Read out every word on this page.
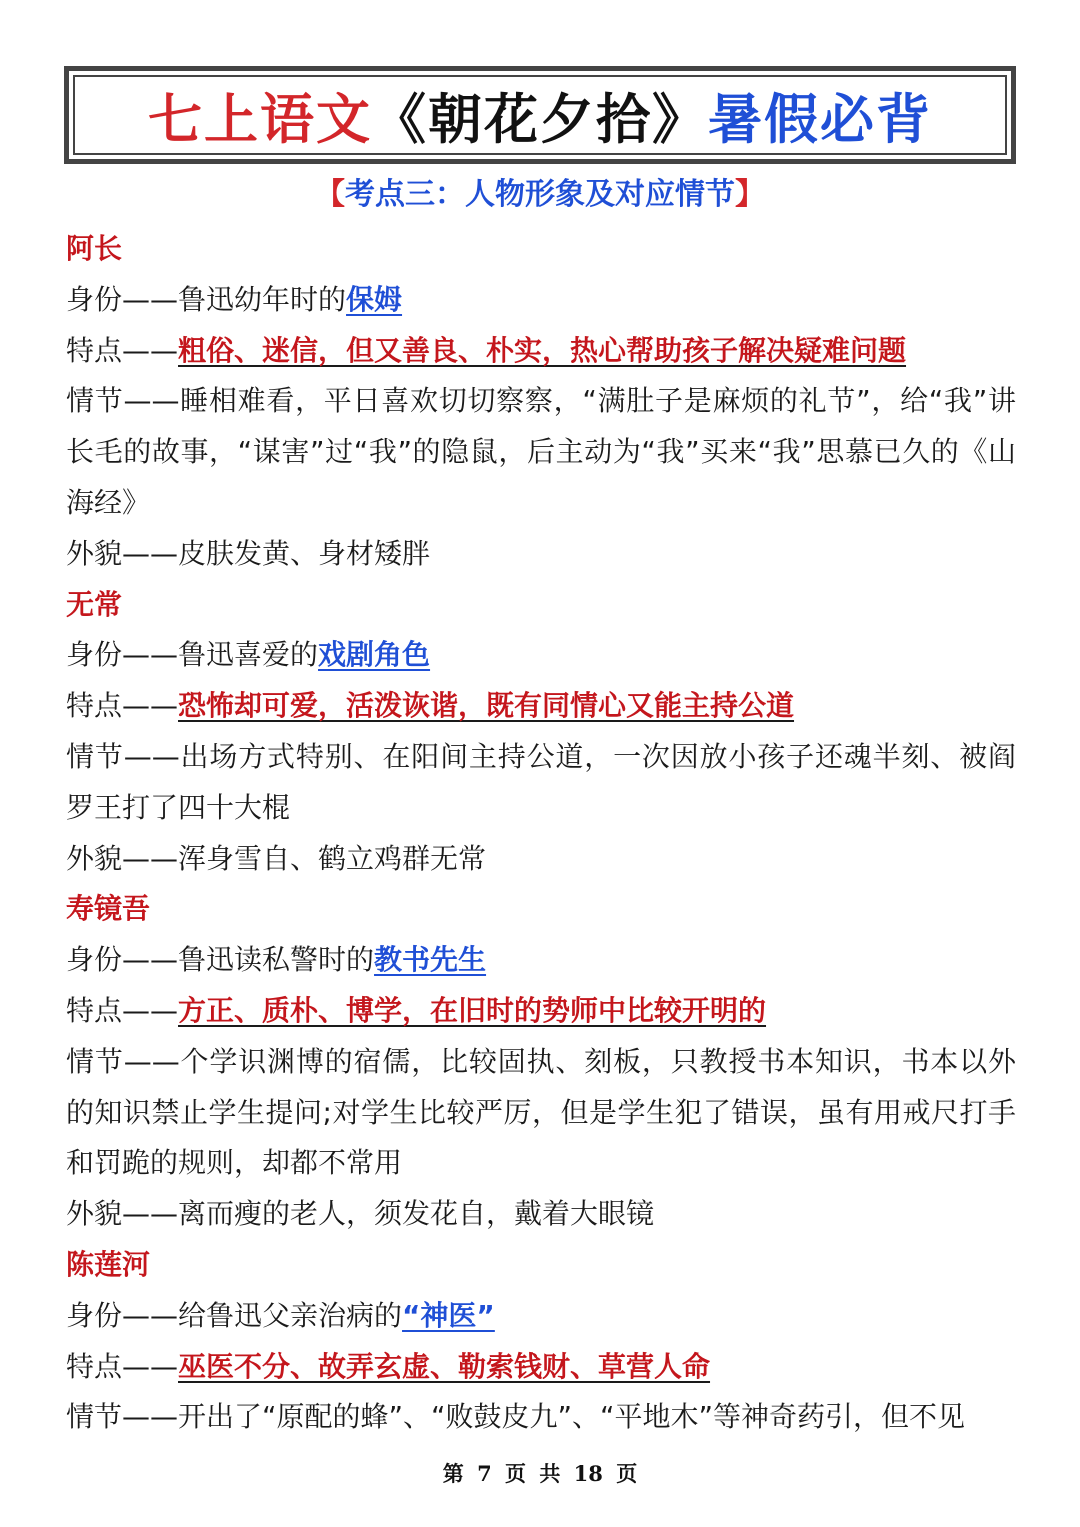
七上语文 《朝花夕拾》 暑假必背
【考点三：人物形象及对应情节】
阿长
身份——鲁迅幼年时的保姆
特点——粗俗、迷信，但又善良、朴实，热心帮助孩子解决疑难问题
情节——睡相难看，平日喜欢切切察察，“满肚子是麻烦的礼节”，给“我”讲长毛的故事，“谋害”过“我”的隐鼠，后主动为“我”买来“我”思慕已久的《山海经》
外貌——皮肤发黄、身材矮胖
无常
身份——鲁迅喜爱的戏剧角色
特点——恐怖却可爱，活泼诙谐，既有同情心又能主持公道
情节——出场方式特别、在阳间主持公道，一次因放小孩子还魂半刻、被阎罗王打了四十大棍
外貌——浑身雪自、鹤立鸡群无常
寿镜吾
身份——鲁迅读私警时的教书先生
特点——方正、质朴、博学，在旧时的势师中比较开明的
情节——个学识渊博的宿儒，比较固执、刻板，只教授书本知识，书本以外的知识禁止学生提问;对学生比较严厉，但是学生犯了错误，虽有用戒尺打手和罚跪的规则，却都不常用
外貌——离而瘦的老人，须发花自，戴着大眼镜
陈莲河
身份——给鲁迅父亲治病的“神医”
特点——巫医不分、故弄玄虚、勒索钱财、草营人命
情节——开出了“原配的蜂”、“败鼓皮九”、“平地木”等神奇药引，但不见
第 7 页 共 18 页
